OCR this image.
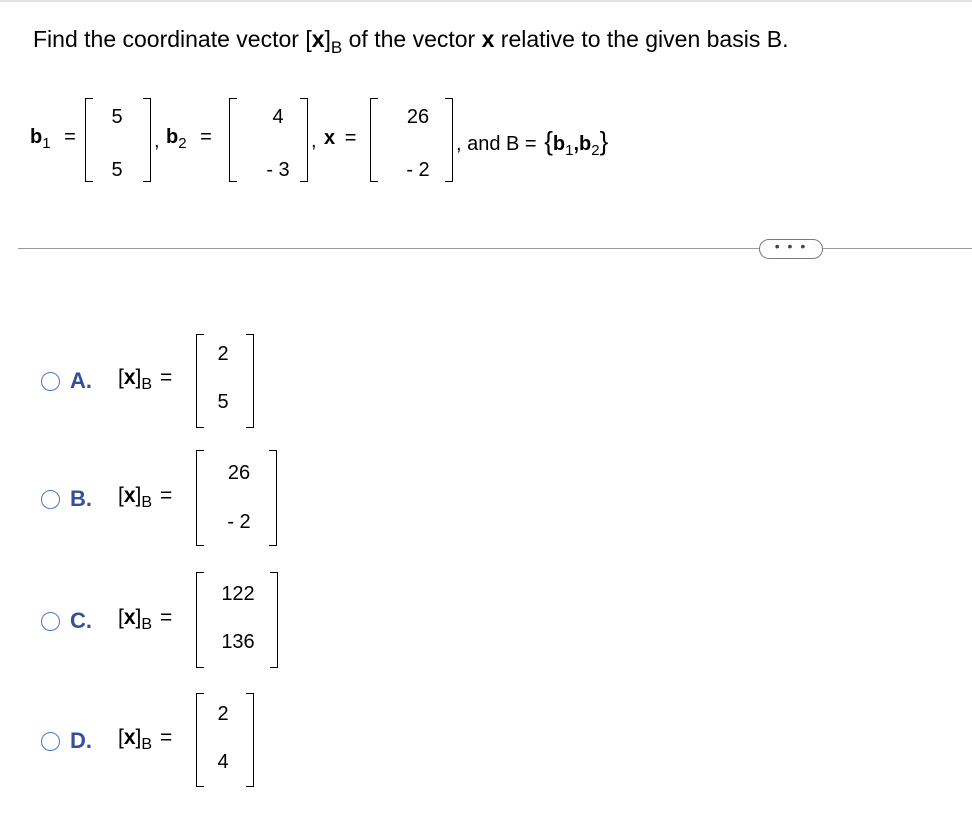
Find the coordinate vector $[x]_B$ of the vector x relative to the given basis B.
$b_1$ =
5
5
, $b_2$ =
4
- 3
, x =
26
- 2
, and $B = \{b_1,b_2\}$
• • •
A. $[x]_B$ =
2
5
B. $[x]_B$ =
26
- 2
C. $[x]_B$ =
122
136
D. $[x]_B$ =
2
4
